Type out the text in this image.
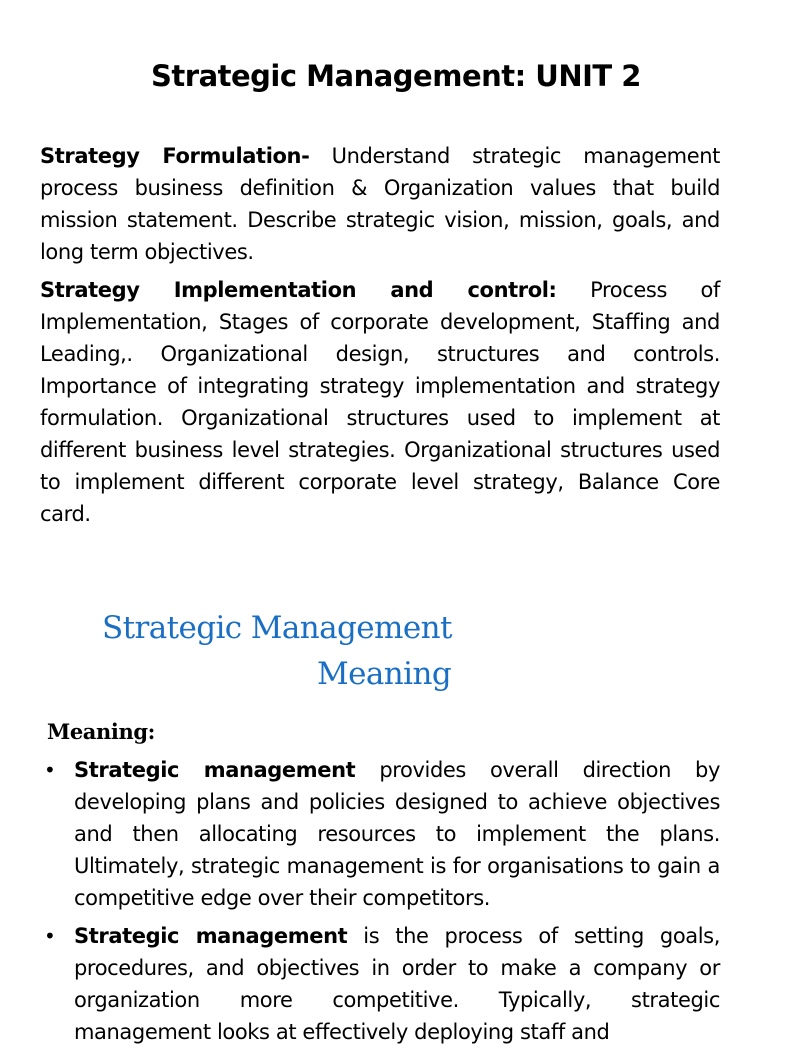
Strategic Management: UNIT 2
Strategy Formulation- Understand strategic management process business definition & Organization values that build mission statement. Describe strategic vision, mission, goals, and long term objectives.
Strategy Implementation and control: Process of Implementation, Stages of corporate development, Staffing and Leading,. Organizational design, structures and controls. Importance of integrating strategy implementation and strategy formulation. Organizational structures used to implement at different business level strategies. Organizational structures used to implement different corporate level strategy, Balance Core card.
Strategic Management
Meaning
Meaning:
• Strategic management provides overall direction by developing plans and policies designed to achieve objectives and then allocating resources to implement the plans. Ultimately, strategic management is for organisations to gain a competitive edge over their competitors.
• Strategic management is the process of setting goals, procedures, and objectives in order to make a company or organization more competitive. Typically, strategic management looks at effectively deploying staff and
